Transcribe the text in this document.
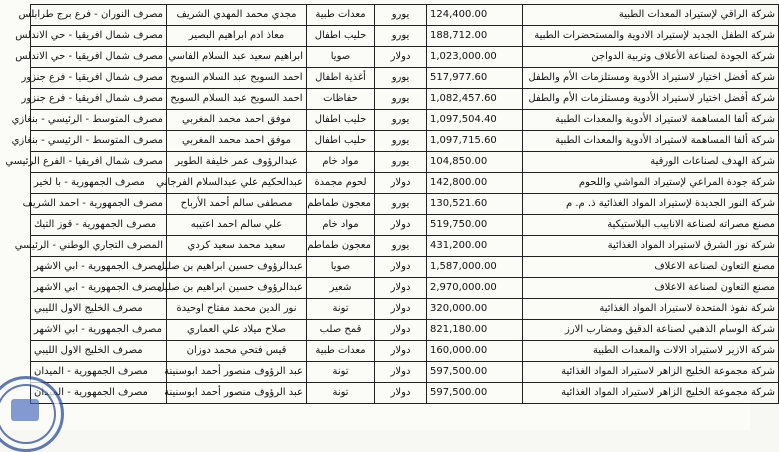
شركة الراقي لإستيراد المعدات الطبية	124,400.00	يورو	معدات طبية	مجدي محمد المهدي الشريف	مصرف النوران - فرع برج طرابلس
شركة الطفل الجديد لإستيراد الادوية والمستحضرات الطبية	188,712.00	يورو	حليب اطفال	معاذ ادم ابراهيم البصير	مصرف شمال افريقيا - حي الاندلس
شركة الجودة لصناعة الأعلاف وتربية الدواجن	1,023,000.00	دولار	صويا	ابراهيم سعيد عبد السلام الفاسي	مصرف شمال افريقيا - حي الاندلس
شركة أفضل اختيار لاستيراد الأدوية ومستلزمات الأم والطفل	517,977.60	يورو	أغذية اطفال	احمد السويح عبد السلام السويح	مصرف شمال افريقيا - فرع جنزور
شركة أفضل اختيار لاستيراد الأدوية ومستلزمات الأم والطفل	1,082,457.60	يورو	حفاظات	احمد السويح عبد السلام السويح	مصرف شمال افريقيا - فرع جنزور
شركة ألفا المساهمة لاستيراد الأدوية والمعدات الطبية	1,097,504.40	يورو	حليب اطفال	موفق احمد محمد المغربي	مصرف المتوسط - الرئيسي - بنغازي
شركة ألفا المساهمة لاستيراد الأدوية والمعدات الطبية	1,097,715.60	يورو	حليب اطفال	موفق احمد محمد المغربي	مصرف المتوسط - الرئيسي - بنغازي
شركة الهدف لصناعات الورقية	104,850.00	يورو	مواد خام	عبدالرؤوف عمر خليفة الطوير	مصرف شمال افريقيا - الفرع الرئيسي
شركة جودة المراعي لإستيراد المواشي واللحوم	142,800.00	دولار	لحوم مجمدة	عبدالحكيم علي عبدالسلام الفرجاني	مصرف الجمهورية - با لخير
شركة النور الجديدة لإستيراد المواد الغذائية ذ. م. م	130,521.60	يورو	معجون طماطم	مصطفى سالم أحمد الأرباح	مصرف الجمهورية - احمد الشريف
مصنع مصراته لصناعة الانابيب البلاستيكية	519,750.00	دولار	مواد خام	علي سالم احمد اعتيبه	مصرف الجمهورية - قوز التيك
شركة نور الشرق لاستيراد المواد الغذائية	431,200.00	يورو	معجون طماطم	سعيد محمد سعيد كردي	المصرف التجاري الوطني - الرئيسي
مصنع التعاون لصناعة الاعلاف	1,587,000.00	دولار	صويا	عبدالرؤوف حسين ابراهيم بن صليل	مصرف الجمهورية - ابي الاشهر
مصنع التعاون لصناعة الاعلاف	2,970,000.00	دولار	شعير	عبدالرؤوف حسين ابراهيم بن صليل	مصرف الجمهورية - ابي الاشهر
شركة نفوذ المتحدة لاستيراد المواد الغذائية	320,000.00	دولار	تونة	نور الدين محمد مفتاح اوحيدة	مصرف الخليج الاول الليبي
شركة الوسام الذهبي لصناعة الدقيق ومضارب الارز	821,180.00	دولار	قمح صلب	صلاح ميلاد علي العماري	مصرف الجمهورية - ابي الاشهر
شركة الازير لاستيراد الالات والمعدات الطبية	160,000.00	دولار	معدات طبية	قيس فتحي محمد دوزان	مصرف الخليج الاول الليبي
شركة مجموعة الخليج الزاهر لاستيراد المواد الغذائية	597,500.00	دولار	تونة	عبد الرؤوف منصور أحمد ابوسنينة	مصرف الجمهورية - الميدان
شركة مجموعة الخليج الزاهر لاستيراد المواد الغذائية	597,500.00	دولار	تونة	عبد الرؤوف منصور أحمد ابوسنينة	مصرف الجمهورية - الميدان
